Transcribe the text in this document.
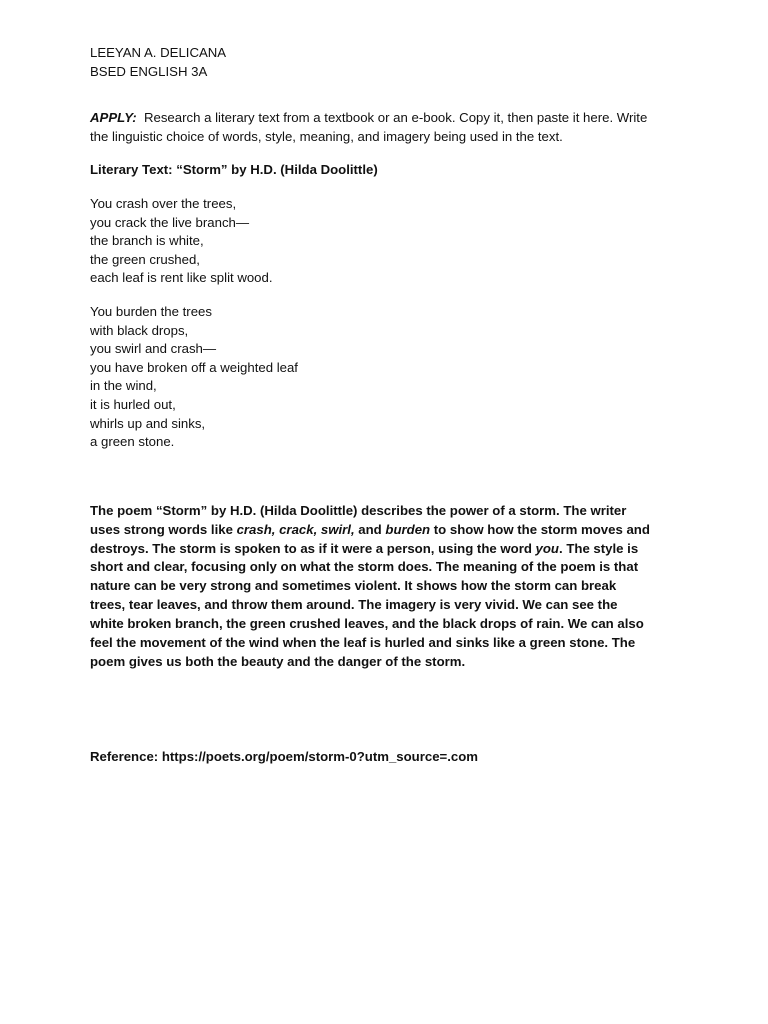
LEEYAN A. DELICANA
BSED ENGLISH 3A
APPLY: Research a literary text from a textbook or an e-book. Copy it, then paste it here. Write
the linguistic choice of words, style, meaning, and imagery being used in the text.
Literary Text: “Storm” by H.D. (Hilda Doolittle)
You crash over the trees,
you crack the live branch—
the branch is white,
the green crushed,
each leaf is rent like split wood.
You burden the trees
with black drops,
you swirl and crash—
you have broken off a weighted leaf
in the wind,
it is hurled out,
whirls up and sinks,
a green stone.
The poem “Storm” by H.D. (Hilda Doolittle) describes the power of a storm. The writer
uses strong words like crash, crack, swirl, and burden to show how the storm moves and
destroys. The storm is spoken to as if it were a person, using the word you. The style is
short and clear, focusing only on what the storm does. The meaning of the poem is that
nature can be very strong and sometimes violent. It shows how the storm can break
trees, tear leaves, and throw them around. The imagery is very vivid. We can see the
white broken branch, the green crushed leaves, and the black drops of rain. We can also
feel the movement of the wind when the leaf is hurled and sinks like a green stone. The
poem gives us both the beauty and the danger of the storm.
Reference: https://poets.org/poem/storm-0?utm_source=.com
